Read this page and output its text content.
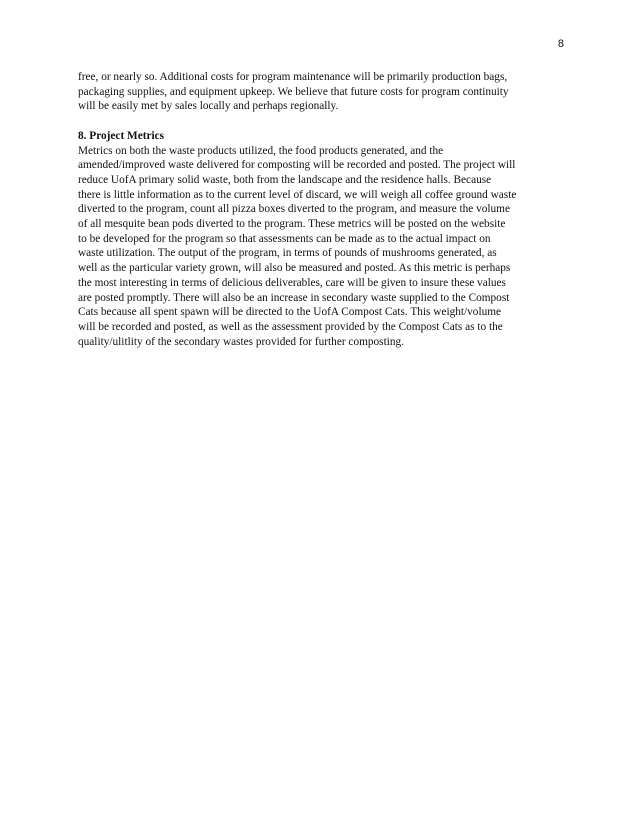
8
free, or nearly so. Additional costs for program maintenance will be primarily production bags,
packaging supplies, and equipment upkeep. We believe that future costs for program continuity
will be easily met by sales locally and perhaps regionally.
8. Project Metrics
Metrics on both the waste products utilized, the food products generated, and the
amended/improved waste delivered for composting will be recorded and posted. The project will
reduce UofA primary solid waste, both from the landscape and the residence halls. Because
there is little information as to the current level of discard, we will weigh all coffee ground waste
diverted to the program, count all pizza boxes diverted to the program, and measure the volume
of all mesquite bean pods diverted to the program. These metrics will be posted on the website
to be developed for the program so that assessments can be made as to the actual impact on
waste utilization. The output of the program, in terms of pounds of mushrooms generated, as
well as the particular variety grown, will also be measured and posted. As this metric is perhaps
the most interesting in terms of delicious deliverables, care will be given to insure these values
are posted promptly. There will also be an increase in secondary waste supplied to the Compost
Cats because all spent spawn will be directed to the UofA Compost Cats. This weight/volume
will be recorded and posted, as well as the assessment provided by the Compost Cats as to the
quality/ulitlity of the secondary wastes provided for further composting.
